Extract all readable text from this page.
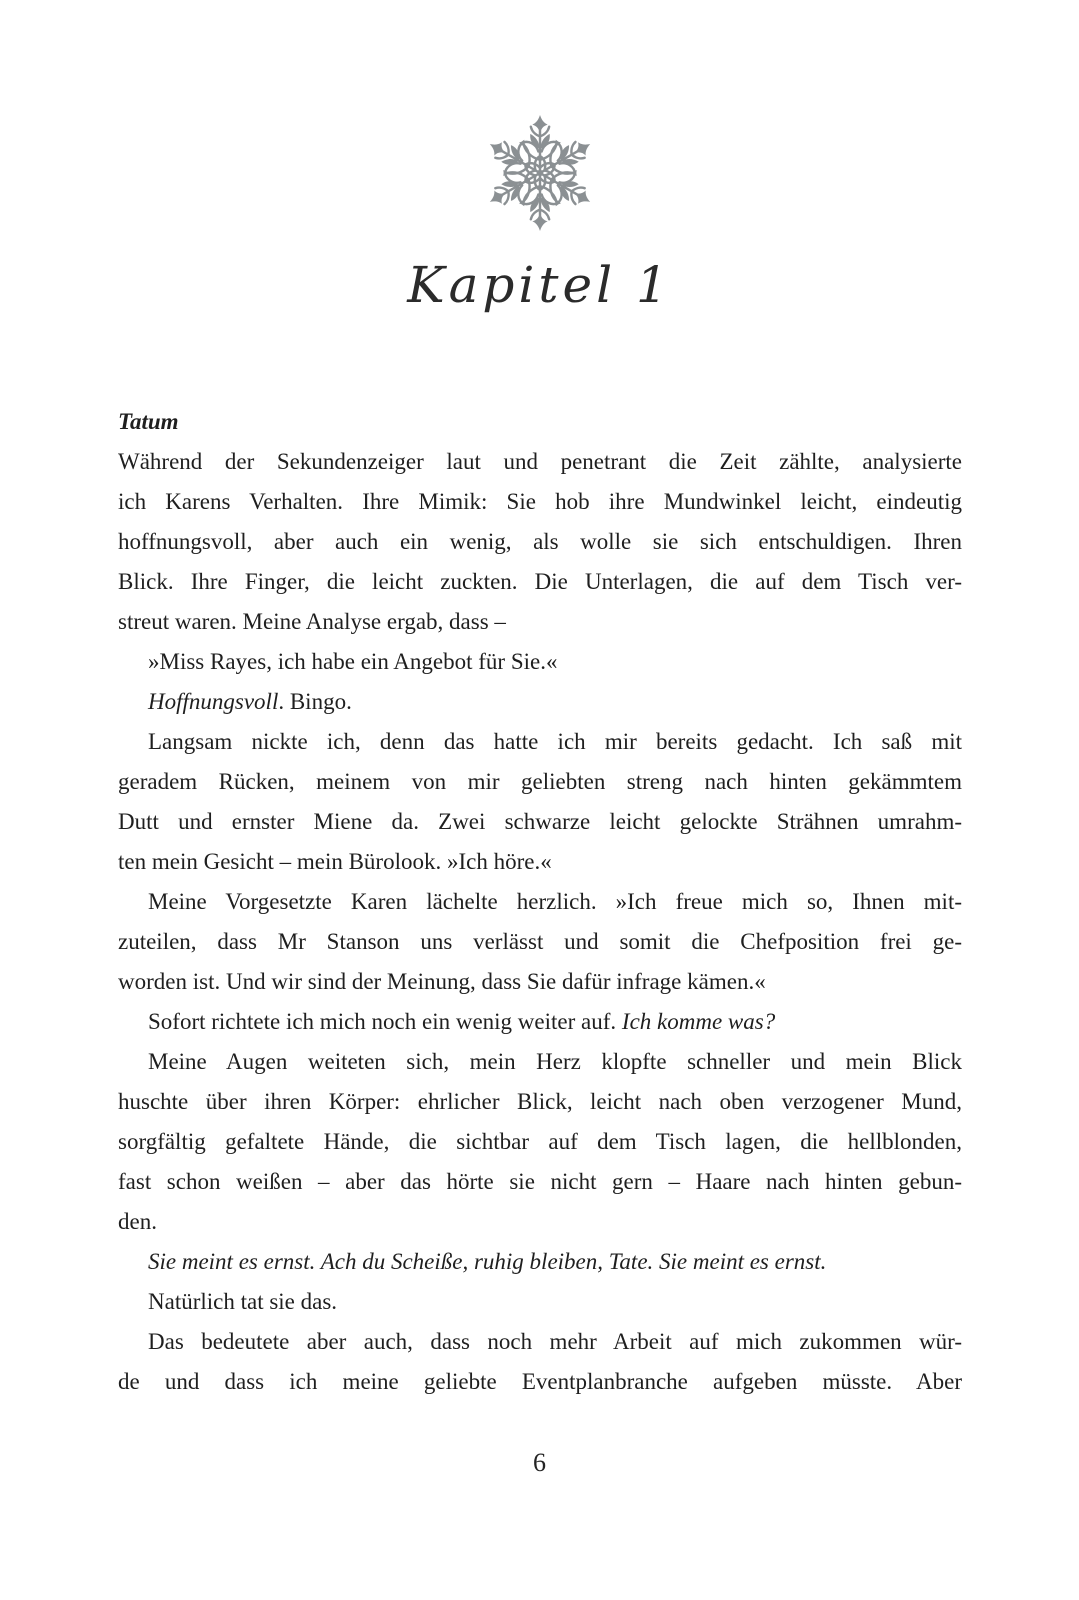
Kapitel 1
Tatum
Während der Sekundenzeiger laut und penetrant die Zeit zählte, analysierte
ich Karens Verhalten. Ihre Mimik: Sie hob ihre Mundwinkel leicht, eindeutig
hoffnungsvoll, aber auch ein wenig, als wolle sie sich entschuldigen. Ihren
Blick. Ihre Finger, die leicht zuckten. Die Unterlagen, die auf dem Tisch ver-
streut waren. Meine Analyse ergab, dass –
»Miss Rayes, ich habe ein Angebot für Sie.«
Hoffnungsvoll. Bingo.
Langsam nickte ich, denn das hatte ich mir bereits gedacht. Ich saß mit
geradem Rücken, meinem von mir geliebten streng nach hinten gekämmtem
Dutt und ernster Miene da. Zwei schwarze leicht gelockte Strähnen umrahm-
ten mein Gesicht – mein Bürolook. »Ich höre.«
Meine Vorgesetzte Karen lächelte herzlich. »Ich freue mich so, Ihnen mit-
zuteilen, dass Mr Stanson uns verlässt und somit die Chefposition frei ge-
worden ist. Und wir sind der Meinung, dass Sie dafür infrage kämen.«
Sofort richtete ich mich noch ein wenig weiter auf. Ich komme was?
Meine Augen weiteten sich, mein Herz klopfte schneller und mein Blick
huschte über ihren Körper: ehrlicher Blick, leicht nach oben verzogener Mund,
sorgfältig gefaltete Hände, die sichtbar auf dem Tisch lagen, die hellblonden,
fast schon weißen – aber das hörte sie nicht gern – Haare nach hinten gebun-
den.
Sie meint es ernst. Ach du Scheiße, ruhig bleiben, Tate. Sie meint es ernst.
Natürlich tat sie das.
Das bedeutete aber auch, dass noch mehr Arbeit auf mich zukommen wür-
de und dass ich meine geliebte Eventplanbranche aufgeben müsste. Aber
6
